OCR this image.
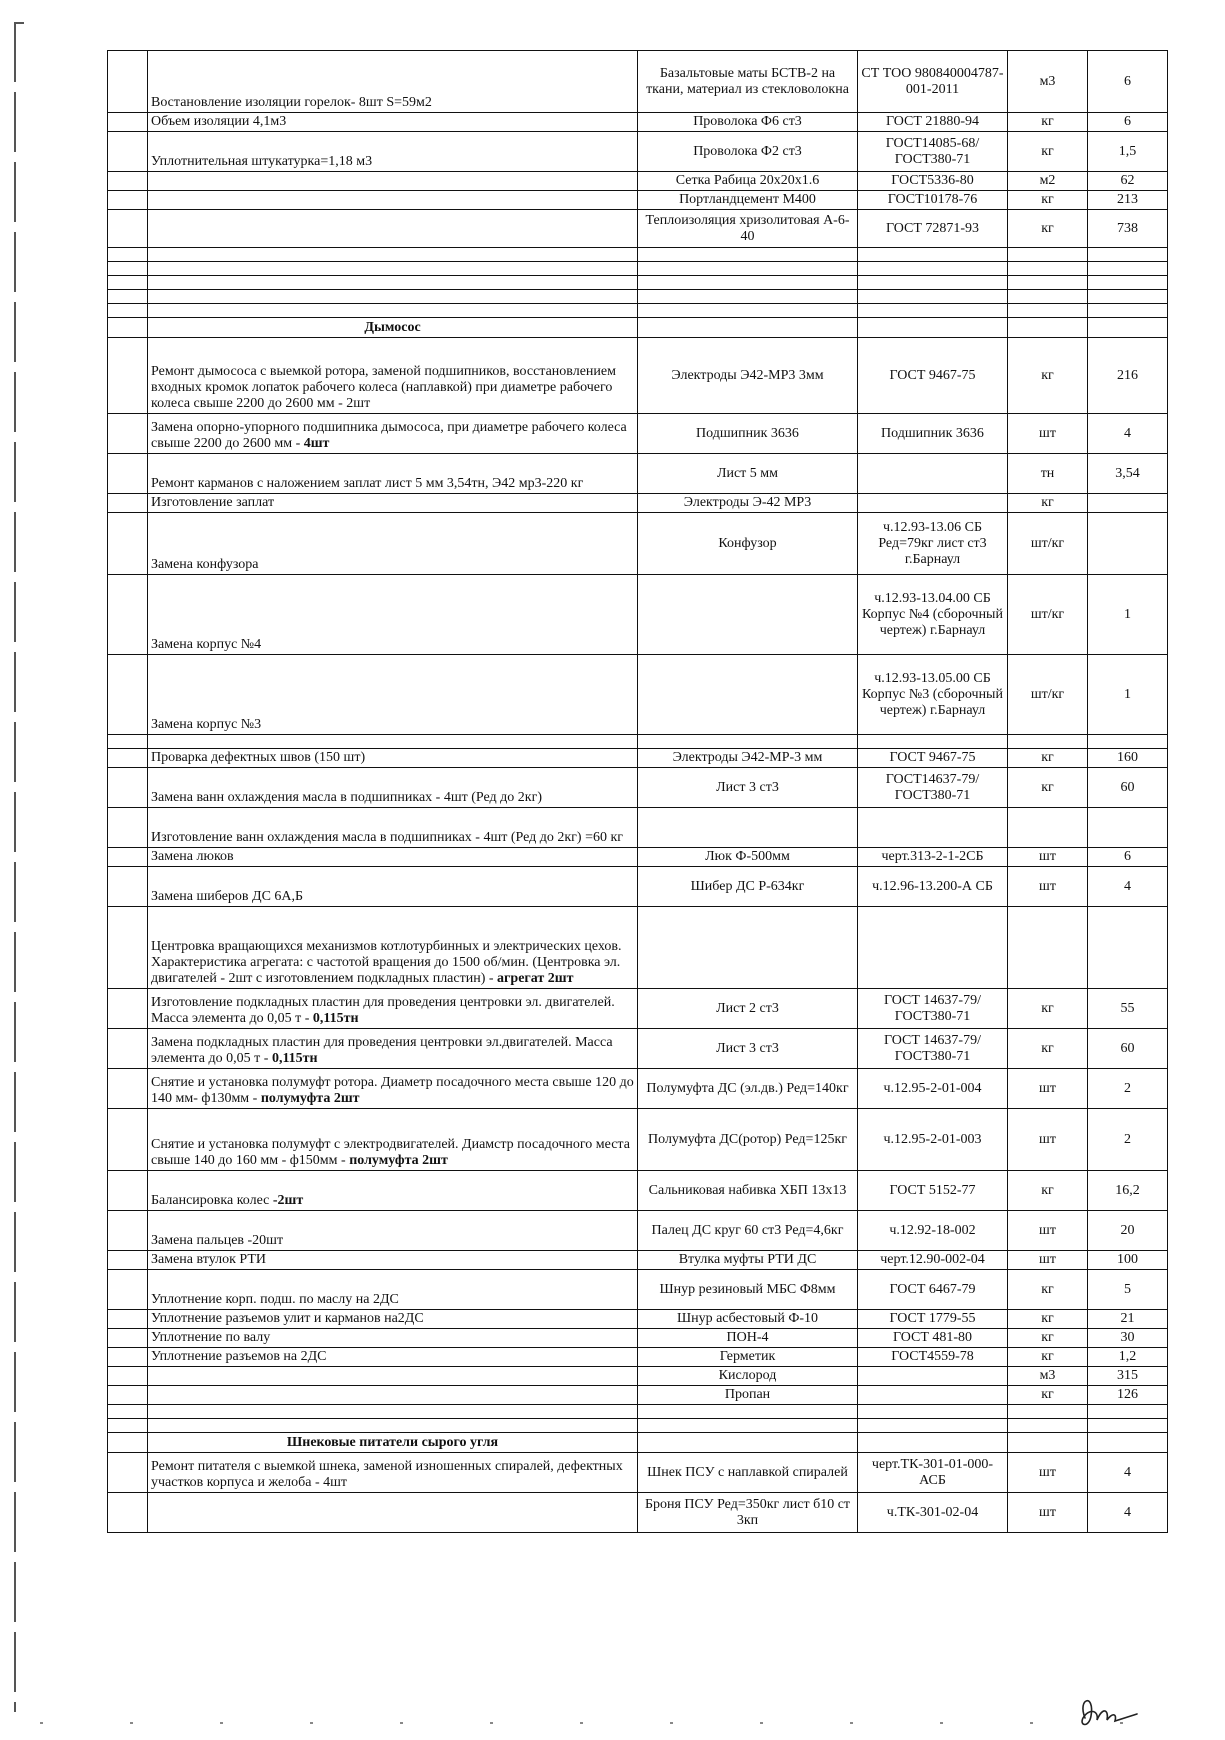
	Востановление изоляции горелок- 8шт S=59м2	Базальтовые маты БСТВ-2 на ткани, материал из стекловолокна	СТ ТОО 980840004787-001-2011	м3	6
	Объем изоляции 4,1м3	Проволока Ф6 ст3	ГОСТ 21880-94	кг	6
	Уплотнительная штукатурка=1,18 м3	Проволока Ф2 ст3	ГОСТ14085-68/ГОСТ380-71	кг	1,5
		Сетка Рабица 20х20х1.6	ГОСТ5336-80	м2	62
		Портландцемент М400	ГОСТ10178-76	кг	213
		Теплоизоляция хризолитовая А-6-40	ГОСТ 72871-93	кг	738

	Дымосос				
	Ремонт дымососа с выемкой ротора, заменой подшипников, восстановлением входных кромок лопаток рабочего колеса (наплавкой) при диаметре рабочего колеса свыше 2200 до 2600 мм - 2шт	Электроды Э42-МР3 3мм	ГОСТ 9467-75	кг	216
	Замена опорно-упорного подшипника дымососа, при диаметре рабочего колеса свыше 2200 до 2600 мм - 4шт	Подшипник 3636	Подшипник 3636	шт	4
	Ремонт карманов с наложением заплат лист 5 мм 3,54тн, Э42 мр3-220 кг	Лист 5 мм		тн	3,54
	Изготовление заплат	Электроды Э-42 МР3		кг	
	Замена конфузора	Конфузор	ч.12.93-13.06 СБ Ред=79кг лист ст3 г.Барнаул	шт/кг	
	Замена корпус №4		ч.12.93-13.04.00 СБ Корпус №4 (сборочный чертеж) г.Барнаул	шт/кг	1
	Замена корпус №3		ч.12.93-13.05.00 СБ Корпус №3 (сборочный чертеж) г.Барнаул	шт/кг	1

	Проварка дефектных швов (150 шт)	Электроды Э42-МР-3 мм	ГОСТ 9467-75	кг	160
	Замена ванн охлаждения масла в подшипниках - 4шт (Ред до 2кг)	Лист 3 ст3	ГОСТ14637-79/ГОСТ380-71	кг	60
	Изготовление ванн охлаждения масла в подшипниках - 4шт (Ред до 2кг) =60 кг				
	Замена люков	Люк Ф-500мм	черт.313-2-1-2СБ	шт	6
	Замена шиберов ДС 6А,Б	Шибер ДС Р-634кг	ч.12.96-13.200-А СБ	шт	4
	Центровка вращающихся механизмов котлотурбинных и электрических цехов. Характеристика агрегата: с частотой вращения до 1500 об/мин. (Центровка эл. двигателей - 2шт с изготовлением подкладных пластин) - агрегат 2шт				
	Изготовление подкладных пластин для проведения центровки эл. двигателей. Масса элемента до 0,05 т - 0,115тн	Лист 2 ст3	ГОСТ 14637-79/ГОСТ380-71	кг	55
	Замена подкладных пластин для проведения центровки эл.двигателей. Масса элемента до 0,05 т - 0,115тн	Лист 3 ст3	ГОСТ 14637-79/ГОСТ380-71	кг	60
	Снятие и установка полумуфт ротора. Диаметр посадочного места свыше 120 до 140 мм- ф130мм - полумуфта 2шт	Полумуфта ДС (эл.дв.) Ред=140кг	ч.12.95-2-01-004	шт	2
	Снятие и установка полумуфт с электродвигателей. Диамстр посадочного места свыше 140 до 160 мм - ф150мм - полумуфта 2шт	Полумуфта ДС(ротор) Ред=125кг	ч.12.95-2-01-003	шт	2
	Балансировка колес -2шт	Сальниковая набивка ХБП 13х13	ГОСТ 5152-77	кг	16,2
	Замена пальцев -20шт	Палец ДС круг 60 ст3 Ред=4,6кг	ч.12.92-18-002	шт	20
	Замена втулок РТИ	Втулка муфты РТИ ДС	черт.12.90-002-04	шт	100
	Уплотнение корп. подш. по маслу на 2ДС	Шнур резиновый МБС Ф8мм	ГОСТ 6467-79	кг	5
	Уплотнение разъемов улит и карманов на2ДС	Шнур асбестовый Ф-10	ГОСТ 1779-55	кг	21
	Уплотнение по валу	ПОН-4	ГОСТ 481-80	кг	30
	Уплотнение разъемов на 2ДС	Герметик	ГОСТ4559-78	кг	1,2
		Кислород		м3	315
		Пропан		кг	126

	Шнековые питатели сырого угля				
	Ремонт питателя с выемкой шнека, заменой изношенных спиралей, дефектных участков корпуса и желоба - 4шт	Шнек ПСУ с наплавкой спиралей	черт.ТК-301-01-000-АСБ	шт	4
		Броня ПСУ Ред=350кг лист б10 ст 3кп	ч.ТК-301-02-04	шт	4
